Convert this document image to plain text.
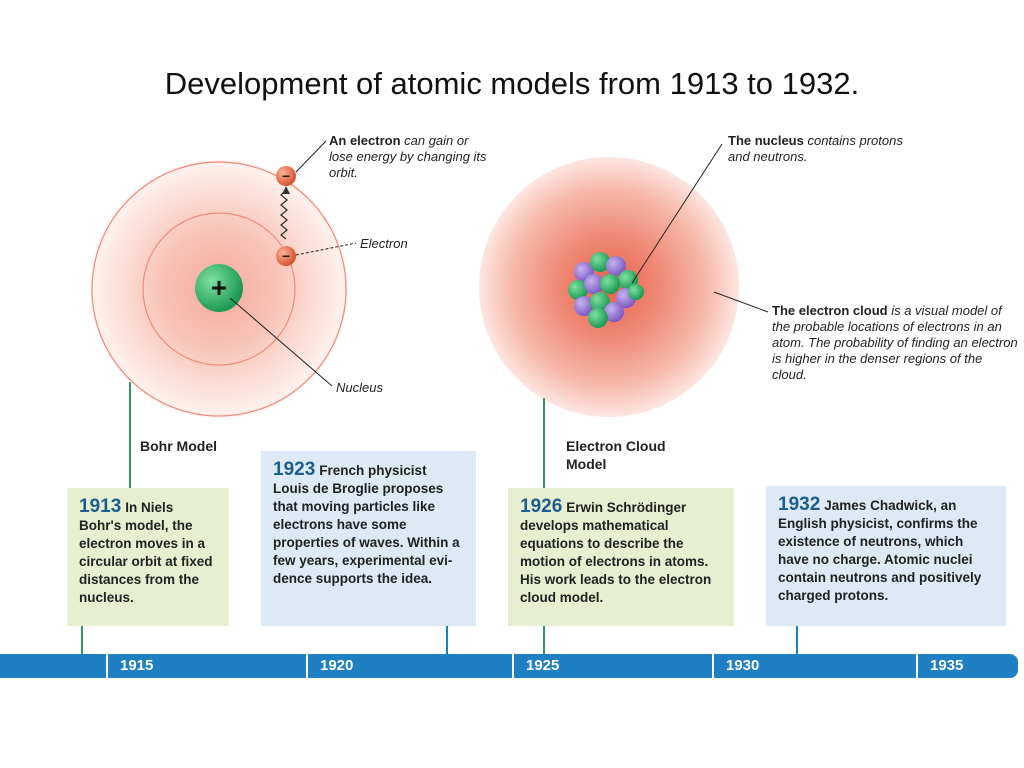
Development of atomic models from 1913 to 1932.
+
−
−
An electron can gain or lose energy by changing its orbit.
Electron
Nucleus
The nucleus contains protons and neutrons.
The electron cloud is a visual model of the probable locations of electrons in an atom. The probability of finding an electron is higher in the denser regions of the cloud.
Bohr Model	Electron Cloud Model
1913 In Niels Bohr's model, the electron moves in a circular orbit at fixed distances from the nucleus.
1923 French physicist Louis de Broglie proposes that moving particles like electrons have some properties of waves. Within a few years, experimental evi-dence supports the idea.
1926 Erwin Schrödinger develops mathematical equations to describe the motion of electrons in atoms. His work leads to the electron cloud model.
1932 James Chadwick, an English physicist, confirms the existence of neutrons, which have no charge. Atomic nuclei contain neutrons and positively charged protons.
1915	1920	1925	1930	1935
